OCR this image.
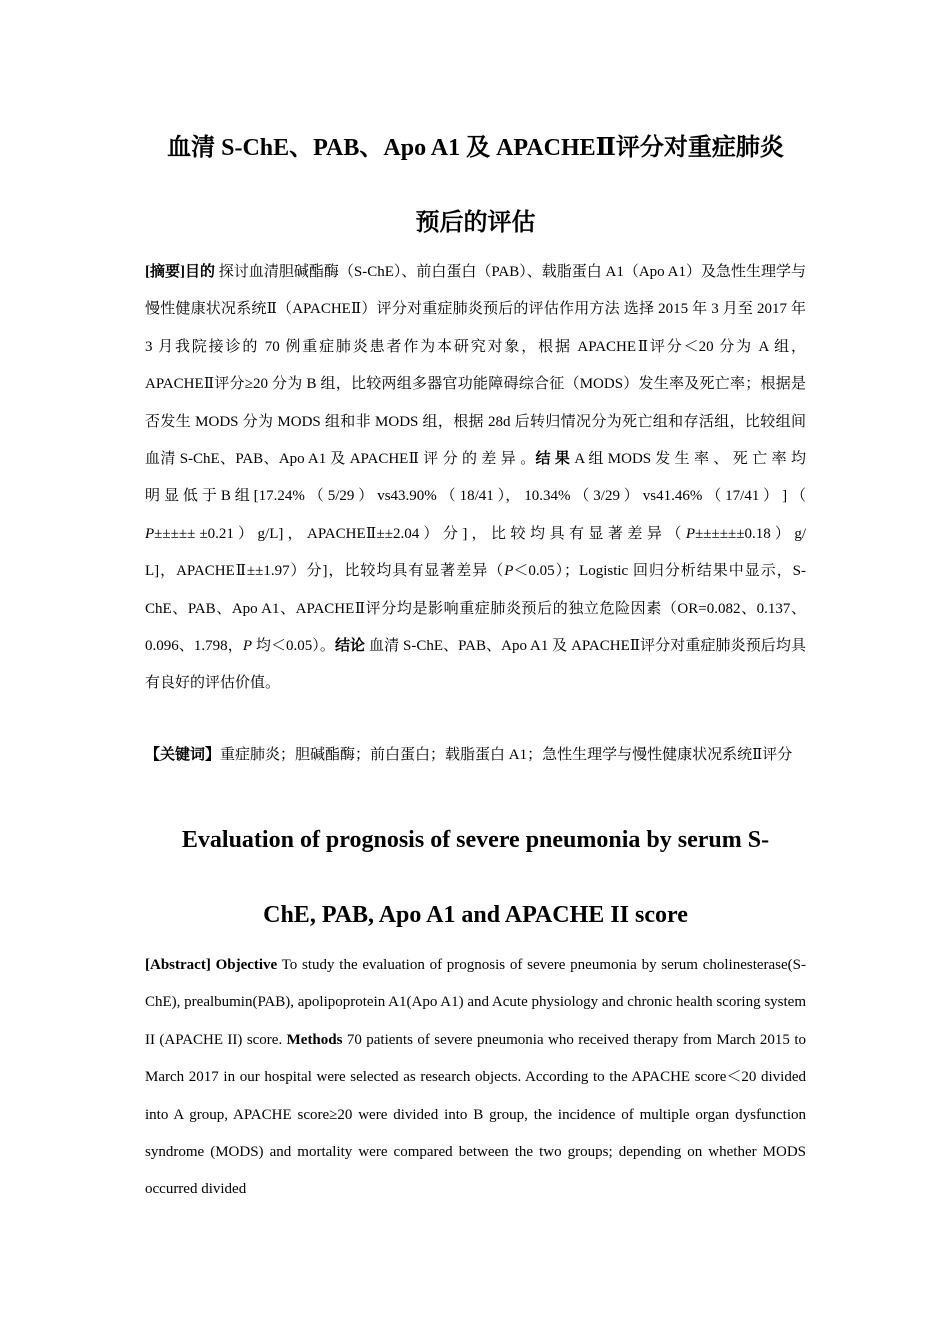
血清 S-ChE、PAB、Apo A1 及 APACHEⅡ评分对重症肺炎
预后的评估

[摘要]目的 探讨血清胆碱酯酶（S-ChE）、前白蛋白（PAB）、载脂蛋白 A1（Apo A1）及急性生理学与慢性健康状况系统Ⅱ（APACHEⅡ）评分对重症肺炎预后的评估作用方法 选择 2015 年 3 月至 2017 年 3 月我院接诊的 70 例重症肺炎患者作为本研究对象，根据 APACHEⅡ评分＜20 分为 A 组，APACHEⅡ评分≥20 分为 B 组，比较两组多器官功能障碍综合征（MODS）发生率及死亡率；根据是否发生 MODS 分为 MODS 组和非 MODS 组，根据 28d 后转归情况分为死亡组和存活组，比较组间血清 S-ChE、PAB、Apo A1 及 APACHEⅡ 评 分 的 差 异 。结 果 A 组 MODS 发 生 率 、 死 亡 率 均 明 显 低 于 B 组 [17.24% （ 5/29 ） vs43.90% （ 18/41 ）， 10.34% （ 3/29 ） vs41.46% （ 17/41 ） ] （ P±±±±± ±0.21 ） g/L] ， APACHEⅡ±±2.04 ） 分 ] ， 比 较 均 具 有 显 著 差 异 （ P±±±±±±0.18 ） g/ L]，APACHEⅡ±±1.97）分]，比较均具有显著差异（P＜0.05）；Logistic 回归分析结果中显示，S-ChE、PAB、Apo A1、APACHEⅡ评分均是影响重症肺炎预后的独立危险因素（OR=0.082、0.137、0.096、1.798，P 均＜0.05）。结论 血清 S-ChE、PAB、Apo A1 及 APACHEⅡ评分对重症肺炎预后均具有良好的评估价值。

【关键词】重症肺炎；胆碱酯酶；前白蛋白；载脂蛋白 A1；急性生理学与慢性健康状况系统Ⅱ评分

Evaluation of prognosis of severe pneumonia by serum S-
ChE, PAB, Apo A1 and APACHE II score

[Abstract] Objective To study the evaluation of prognosis of severe pneumonia by serum cholinesterase(S-ChE), prealbumin(PAB), apolipoprotein A1(Apo A1) and Acute physiology and chronic health scoring system II (APACHE II) score. Methods 70 patients of severe pneumonia who received therapy from March 2015 to March 2017 in our hospital were selected as research objects. According to the APACHE score＜20 divided into A group, APACHE score≥20 were divided into B group, the incidence of multiple organ dysfunction syndrome (MODS) and mortality were compared between the two groups; depending on whether MODS occurred divided
